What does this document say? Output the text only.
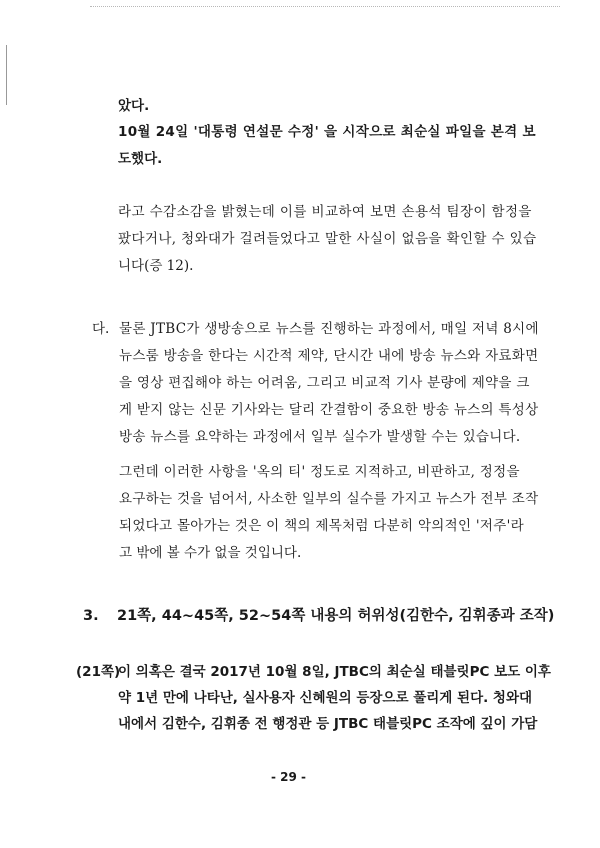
았다.
10월 24일 '대통령 연설문 수정' 을 시작으로 최순실 파일을 본격 보
도했다.
라고 수감소감을 밝혔는데 이를 비교하여 보면 손용석 팀장이 함정을
팠다거나, 청와대가 걸려들었다고 말한 사실이 없음을 확인할 수 있습
니다(증 12).
다. 물론 JTBC가 생방송으로 뉴스를 진행하는 과정에서, 매일 저녁 8시에
뉴스룸 방송을 한다는 시간적 제약, 단시간 내에 방송 뉴스와 자료화면
을 영상 편집해야 하는 어려움, 그리고 비교적 기사 분량에 제약을 크
게 받지 않는 신문 기사와는 달리 간결함이 중요한 방송 뉴스의 특성상
방송 뉴스를 요약하는 과정에서 일부 실수가 발생할 수는 있습니다.
그런데 이러한 사항을 '옥의 티' 정도로 지적하고, 비판하고, 정정을
요구하는 것을 넘어서, 사소한 일부의 실수를 가지고 뉴스가 전부 조작
되었다고 몰아가는 것은 이 책의 제목처럼 다분히 악의적인 '저주'라
고 밖에 볼 수가 없을 것입니다.
3. 21쪽, 44~45쪽, 52~54쪽 내용의 허위성(김한수, 김휘종과 조작)
(21쪽)
이 의혹은 결국 2017년 10월 8일, JTBC의 최순실 태블릿PC 보도 이후
약 1년 만에 나타난, 실사용자 신혜원의 등장으로 풀리게 된다. 청와대
내에서 김한수, 김휘종 전 행정관 등 JTBC 태블릿PC 조작에 깊이 가담
- 29 -
